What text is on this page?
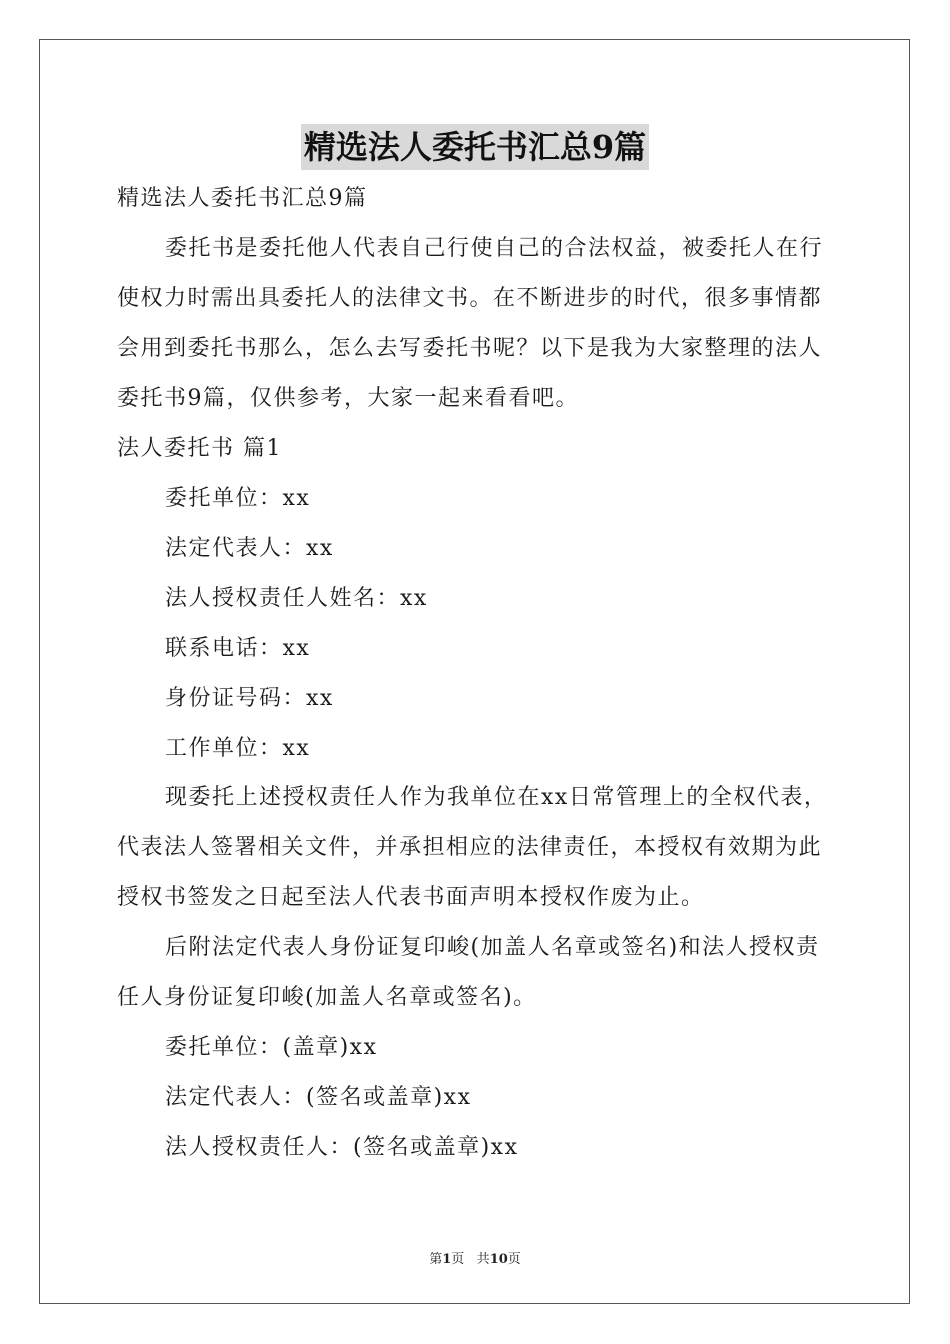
精选法人委托书汇总9篇
精选法人委托书汇总9篇
委托书是委托他人代表自己行使自己的合法权益，被委托人在行
使权力时需出具委托人的法律文书。在不断进步的时代，很多事情都
会用到委托书那么，怎么去写委托书呢？以下是我为大家整理的法人
委托书9篇，仅供参考，大家一起来看看吧。
法人委托书 篇1
委托单位：xx
法定代表人：xx
法人授权责任人姓名：xx
联系电话：xx
身份证号码：xx
工作单位：xx
现委托上述授权责任人作为我单位在xx日常管理上的全权代表，
代表法人签署相关文件，并承担相应的法律责任，本授权有效期为此
授权书签发之日起至法人代表书面声明本授权作废为止。
后附法定代表人身份证复印峻(加盖人名章或签名)和法人授权责
任人身份证复印峻(加盖人名章或签名)。
委托单位：(盖章)xx
法定代表人：(签名或盖章)xx
法人授权责任人：(签名或盖章)xx
第1页 共10页
